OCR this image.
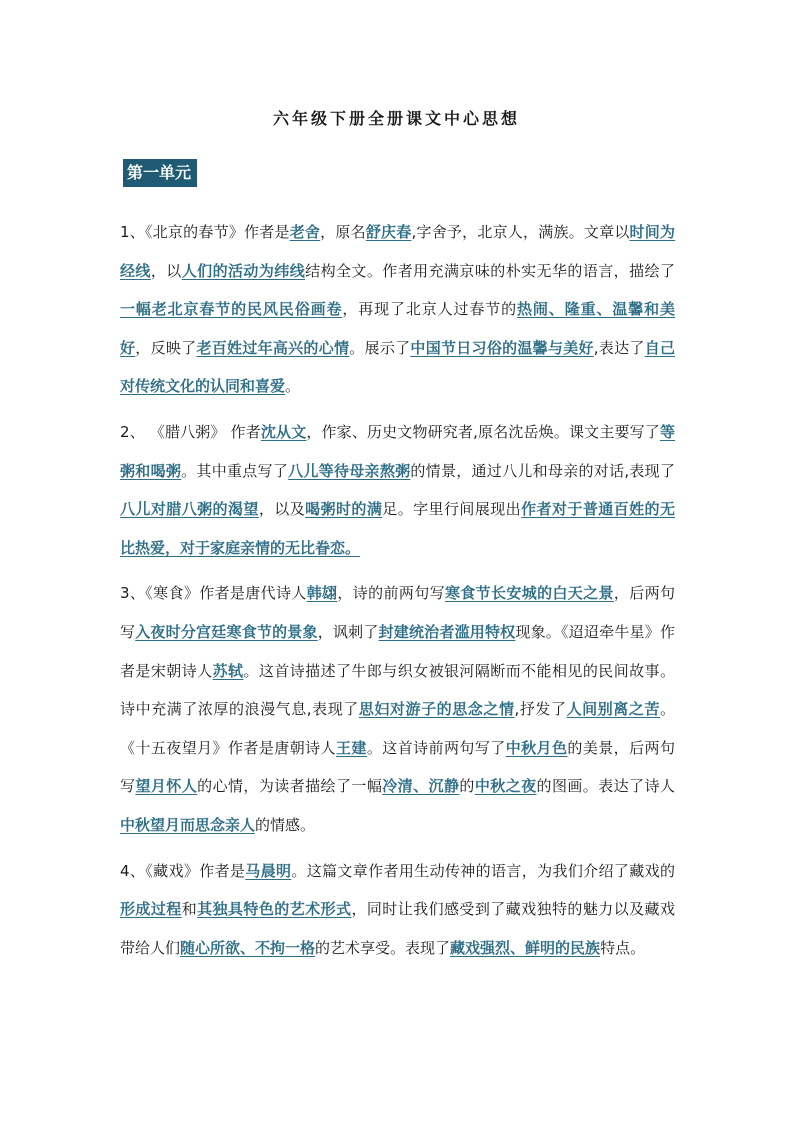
六年级下册全册课文中心思想
第一单元

1、《北京的春节》作者是老舍，原名舒庆春,字舍予，北京人，满族。文章以时间为经线，以人们的活动为纬线结构全文。作者用充满京味的朴实无华的语言，描绘了一幅老北京春节的民风民俗画卷，再现了北京人过春节的热闹、隆重、温馨和美好，反映了老百姓过年高兴的心情。展示了中国节日习俗的温馨与美好,表达了自己对传统文化的认同和喜爱。

2、 《腊八粥》 作者沈从文，作家、历史文物研究者,原名沈岳焕。课文主要写了等粥和喝粥。其中重点写了八儿等待母亲熬粥的情景，通过八儿和母亲的对话,表现了八儿对腊八粥的渴望，以及喝粥时的满足。字里行间展现出作者对于普通百姓的无比热爱，对于家庭亲情的无比眷恋。

3、《寒食》作者是唐代诗人韩翃，诗的前两句写寒食节长安城的白天之景，后两句写入夜时分宫廷寒食节的景象，讽刺了封建统治者滥用特权现象。《迢迢牵牛星》作者是宋朝诗人苏轼。这首诗描述了牛郎与织女被银河隔断而不能相见的民间故事。诗中充满了浓厚的浪漫气息,表现了思妇对游子的思念之情,抒发了人间别离之苦。《十五夜望月》作者是唐朝诗人王建。这首诗前两句写了中秋月色的美景，后两句写望月怀人的心情，为读者描绘了一幅冷清、沉静的中秋之夜的图画。表达了诗人中秋望月而思念亲人的情感。

4、《藏戏》作者是马晨明。这篇文章作者用生动传神的语言，为我们介绍了藏戏的形成过程和其独具特色的艺术形式，同时让我们感受到了藏戏独特的魅力以及藏戏带给人们随心所欲、不拘一格的艺术享受。表现了藏戏强烈、鲜明的民族特点。
